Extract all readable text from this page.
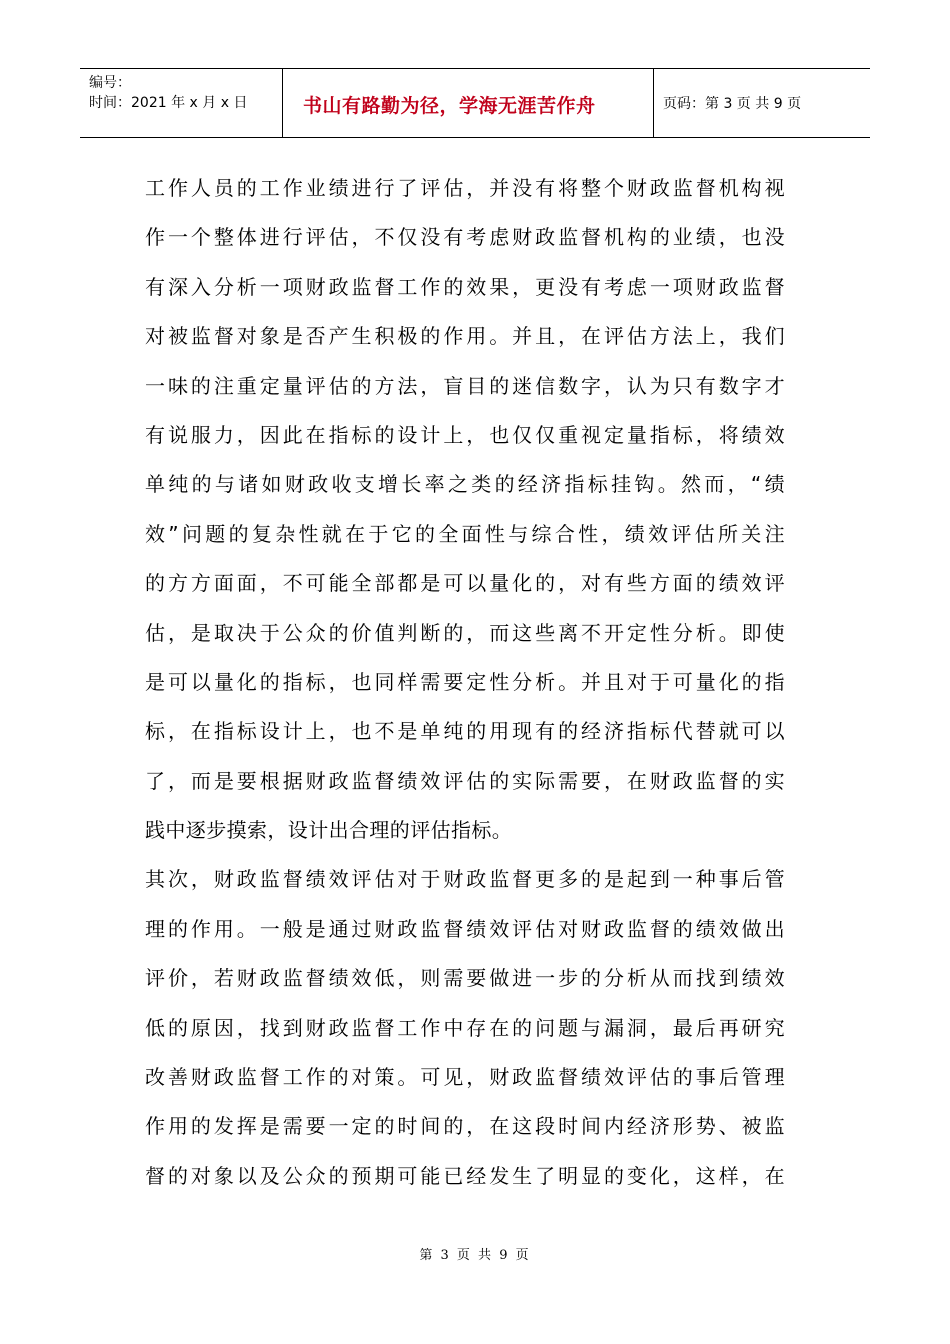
编号：
时间：2021 年 x 月 x 日	书山有路勤为径，学海无涯苦作舟	页码：第 3 页 共 9 页
工作人员的工作业绩进行了评估，并没有将整个财政监督机构视
作一个整体进行评估，不仅没有考虑财政监督机构的业绩，也没
有深入分析一项财政监督工作的效果，更没有考虑一项财政监督
对被监督对象是否产生积极的作用。并且，在评估方法上，我们
一味的注重定量评估的方法，盲目的迷信数字，认为只有数字才
有说服力，因此在指标的设计上，也仅仅重视定量指标，将绩效
单纯的与诸如财政收支增长率之类的经济指标挂钩。然而，“绩
效”问题的复杂性就在于它的全面性与综合性，绩效评估所关注
的方方面面，不可能全部都是可以量化的，对有些方面的绩效评
估，是取决于公众的价值判断的，而这些离不开定性分析。即使
是可以量化的指标，也同样需要定性分析。并且对于可量化的指
标，在指标设计上，也不是单纯的用现有的经济指标代替就可以
了，而是要根据财政监督绩效评估的实际需要，在财政监督的实
践中逐步摸索，设计出合理的评估指标。
其次，财政监督绩效评估对于财政监督更多的是起到一种事后管
理的作用。一般是通过财政监督绩效评估对财政监督的绩效做出
评价，若财政监督绩效低，则需要做进一步的分析从而找到绩效
低的原因，找到财政监督工作中存在的问题与漏洞，最后再研究
改善财政监督工作的对策。可见，财政监督绩效评估的事后管理
作用的发挥是需要一定的时间的，在这段时间内经济形势、被监
督的对象以及公众的预期可能已经发生了明显的变化，这样，在
第 3 页 共 9 页
